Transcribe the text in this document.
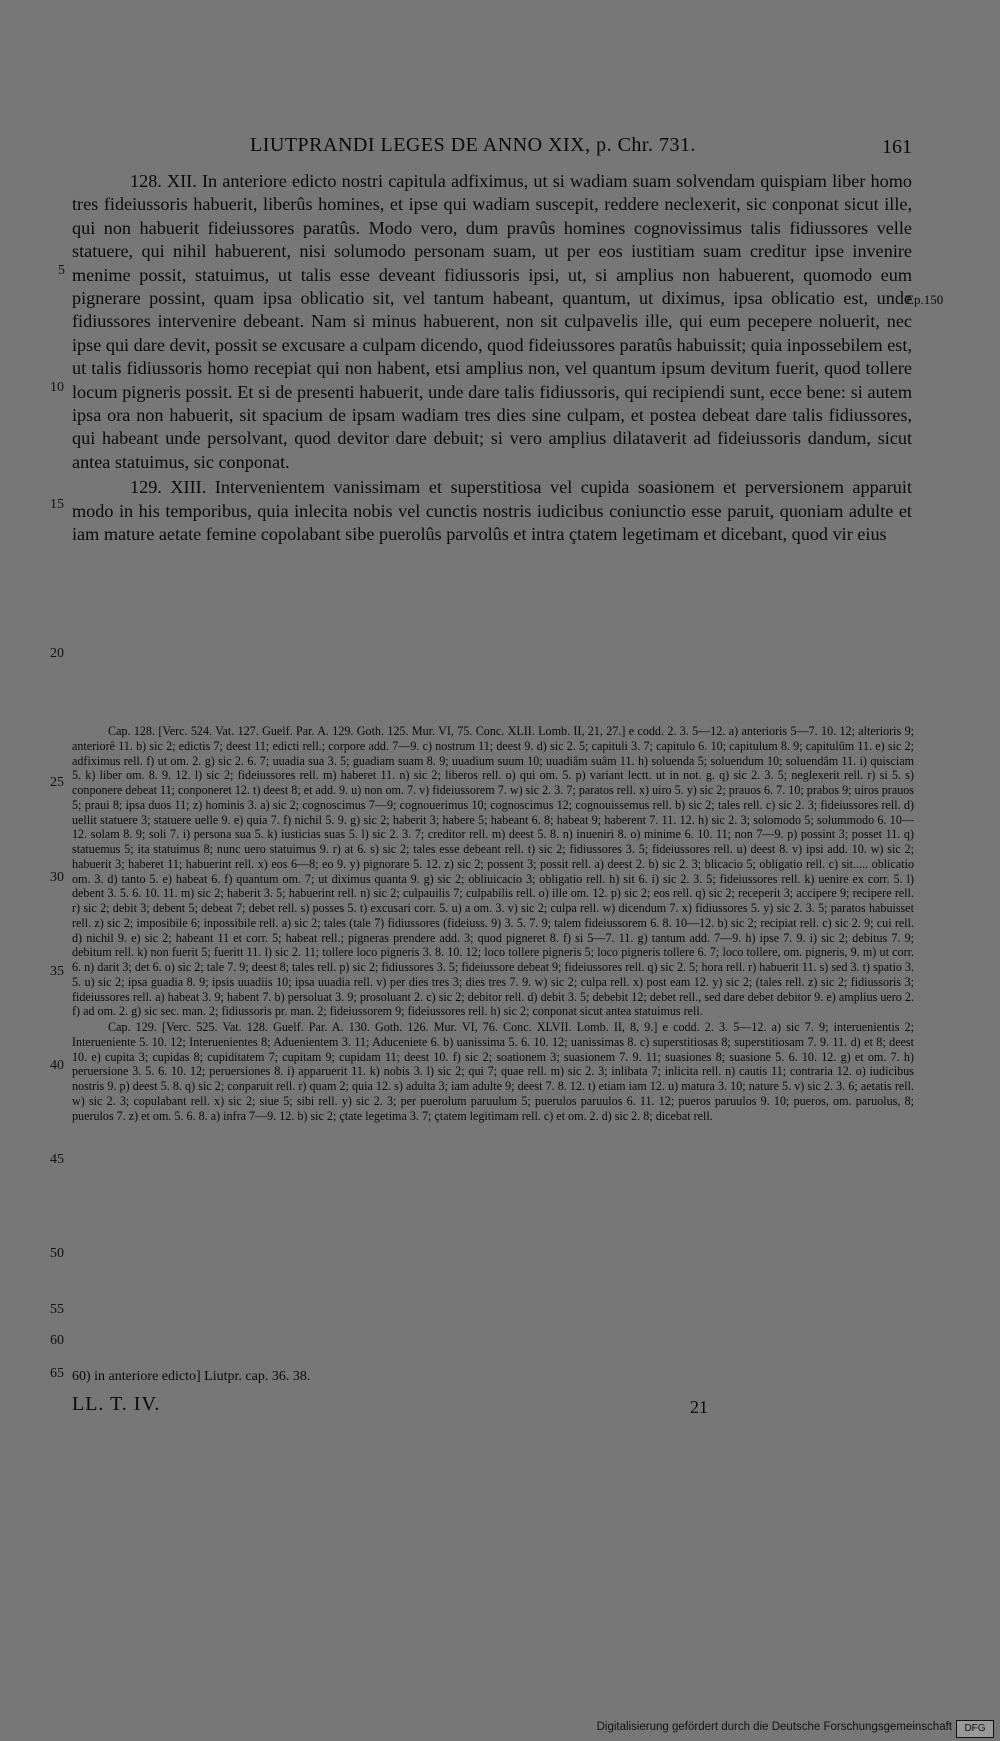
LIUTPRANDI LEGES DE ANNO XIX, p. Chr. 731.	161
Ep.150
5
10
15
20
25
30
35
40
45
50
55
60
65

128. XII. In anteriore edicto nostri capitula adfiximus, ut si wadiam suam solvendam quispiam liber homo tres fideiussoris habuerit, liberûs homines, et ipse qui wadiam suscepit, reddere neclexerit, sic conponat sicut ille, qui non habuerit fideiussores paratûs. Modo vero, dum pravûs homines cognovissimus talis fidiussores velle statuere, qui nihil habuerent, nisi solumodo personam suam, ut per eos iustitiam suam creditur ipse invenire menime possit, statuimus, ut talis esse deveant fidiussoris ipsi, ut, si amplius non habuerent, quomodo eum pignerare possint, quam ipsa oblicatio sit, vel tantum habeant, quantum, ut diximus, ipsa oblicatio est, unde fidiussores intervenire debeant. Nam si minus habuerent, non sit culpavelis ille, qui eum pecepere noluerit, nec ipse qui dare devit, possit se excusare a culpam dicendo, quod fideiussores paratûs habuissit; quia inpossebilem est, ut talis fidiussoris homo recepiat qui non habent, etsi amplius non, vel quantum ipsum devitum fuerit, quod tollere locum pigneris possit. Et si de presenti habuerit, unde dare talis fidiussoris, qui recipiendi sunt, ecce bene: si autem ipsa ora non habuerit, sit spacium de ipsam wadiam tres dies sine culpam, et postea debeat dare talis fidiussores, qui habeant unde persolvant, quod devitor dare debuit; si vero amplius dilataverit ad fideiussoris dandum, sicut antea statuimus, sic conponat.

129. XIII. Intervenientem vanissimam et superstitiosa vel cupida soasionem et perversionem apparuit modo in his temporibus, quia inlecita nobis vel cunctis nostris iudicibus coniunctio esse paruit, quoniam adulte et iam mature aetate femine copolabant sibe puerolûs parvolûs et intra çtatem legetimam et dicebant, quod vir eius

Cap. 128. [Verc. 524. Vat. 127. Guelf. Par. A. 129. Goth. 125. Mur. VI, 75. Conc. XLII. Lomb. II, 21, 27.] e codd. 2. 3. 5—12. a) anterioris 5—7. 10. 12; alterioris 9; anteriorê 11. b) sic 2; edictis 7; deest 11; edicti rell.; corpore add. 7—9. c) nostrum 11; deest 9. d) sic 2. 5; capituli 3. 7; capitulo 6. 10; capitulum 8. 9; capitulûm 11. e) sic 2; adfiximus rell. f) ut om. 2. g) sic 2. 6. 7; uuadia sua 3. 5; guadiam suam 8. 9; uuadium suum 10; uuadiâm suâm 11. h) soluenda 5; soluendum 10; soluendâm 11. i) quisciam 5. k) liber om. 8. 9. 12. l) sic 2; fideiussores rell. m) haberet 11. n) sic 2; liberos rell. o) qui om. 5. p) variant lectt. ut in not. g. q) sic 2. 3. 5; neglexerit rell. r) si 5. s) conponere debeat 11; conponeret 12. t) deest 8; et add. 9. u) non om. 7. v) fideiussorem 7. w) sic 2. 3. 7; paratos rell. x) uiro 5. y) sic 2; prauos 6. 7. 10; prabos 9; uiros prauos 5; praui 8; ipsa duos 11; z) hominis 3. a) sic 2; cognoscimus 7—9; cognouerimus 10; cognoscimus 12; cognouissemus rell. b) sic 2; tales rell. c) sic 2. 3; fideiussores rell. d) uellit statuere 3; statuere uelle 9. e) quia 7. f) nichil 5. 9. g) sic 2; haberit 3; habere 5; habeant 6. 8; habeat 9; haberent 7. 11. 12. h) sic 2. 3; solomodo 5; solummodo 6. 10—12. solam 8. 9; soli 7. i) persona sua 5. k) iusticias suas 5. l) sic 2. 3. 7; creditor rell. m) deest 5. 8. n) inueniri 8. o) minime 6. 10. 11; non 7—9. p) possint 3; posset 11. q) statuemus 5; ita statuimus 8; nunc uero statuimus 9. r) at 6. s) sic 2; tales esse debeant rell. t) sic 2; fidiussores 3. 5; fideiussores rell. u) deest 8. v) ipsi add. 10. w) sic 2; habuerit 3; haberet 11; habuerint rell. x) eos 6—8; eo 9. y) pignorare 5. 12. z) sic 2; possent 3; possit rell. a) deest 2. b) sic 2. 3; blicacio 5; obligatio rell. c) sit..... oblicatio om. 3. d) tanto 5. e) habeat 6. f) quantum om. 7; ut diximus quanta 9. g) sic 2; obliuicacio 3; obligatio rell. h) sit 6. i) sic 2. 3. 5; fideiussores rell. k) uenire ex corr. 5. l) debent 3. 5. 6. 10. 11. m) sic 2; haberit 3. 5; habuerint rell. n) sic 2; culpauilis 7; culpabilis rell. o) ille om. 12. p) sic 2; eos rell. q) sic 2; receperit 3; accipere 9; recipere rell. r) sic 2; debit 3; debent 5; debeat 7; debet rell. s) posses 5. t) excusari corr. 5. u) a om. 3. v) sic 2; culpa rell. w) dicendum 7. x) fidiussores 5. y) sic 2. 3. 5; paratos habuisset rell. z) sic 2; imposibile 6; inpossibile rell. a) sic 2; tales (tale 7) fidiussores (fideiuss. 9) 3. 5. 7. 9; talem fideiussorem 6. 8. 10—12. b) sic 2; recipiat rell. c) sic 2. 9; cui rell. d) nichil 9. e) sic 2; habeant 11 et corr. 5; habeat rell.; pigneras prendere add. 3; quod pigneret 8. f) si 5—7. 11. g) tantum add. 7—9. h) ipse 7. 9. i) sic 2; debitus 7. 9; debitum rell. k) non fuerit 5; fueritt 11. l) sic 2. 11; tollere loco pigneris 3. 8. 10. 12; loco tollere pigneris 5; loco pigneris tollere 6. 7; loco tollere, om. pigneris, 9. m) ut corr. 6. n) darit 3; det 6. o) sic 2; tale 7. 9; deest 8; tales rell. p) sic 2; fidiussores 3. 5; fideiussore debeat 9; fideiussores rell. q) sic 2. 5; hora rell. r) habuerit 11. s) sed 3. t) spatio 3. 5. u) sic 2; ipsa guadia 8. 9; ipsis uuadiis 10; ipsa uuadia rell. v) per dies tres 3; dies tres 7. 9. w) sic 2; culpa rell. x) post eam 12. y) sic 2; (tales rell. z) sic 2; fidiussoris 3; fideiussores rell. a) habeat 3. 9; habent 7. b) persoluat 3. 9; prosoluant 2. c) sic 2; debitor rell. d) debit 3. 5; debebit 12; debet rell., sed dare debet debitor 9. e) amplius uero 2. f) ad om. 2. g) sic sec. man. 2; fidiussoris pr. man. 2; fideiussorem 9; fideiussores rell. h) sic 2; conponat sicut antea statuimus rell.

Cap. 129. [Verc. 525. Vat. 128. Guelf. Par. A. 130. Goth. 126. Mur. VI, 76. Conc. XLVII. Lomb. II, 8, 9.] e codd. 2. 3. 5—12. a) sic 7. 9; interuenientis 2; Interueniente 5. 10. 12; Interuenientes 8; Aduenientem 3. 11; Aduceniete 6. b) uanissima 5. 6. 10. 12; uanissimas 8. c) superstitiosas 8; superstitiosam 7. 9. 11. d) et 8; deest 10. e) cupita 3; cupidas 8; cupiditatem 7; cupitam 9; cupidam 11; deest 10. f) sic 2; soationem 3; suasionem 7. 9. 11; suasiones 8; suasione 5. 6. 10. 12. g) et om. 7. h) peruersione 3. 5. 6. 10. 12; peruersiones 8. i) apparuerit 11. k) nobis 3. l) sic 2; qui 7; quae rell. m) sic 2. 3; inlibata 7; inlicita rell. n) cautis 11; contraria 12. o) iudicibus nostris 9. p) deest 5. 8. q) sic 2; conparuit rell. r) quam 2; quia 12. s) adulta 3; iam adulte 9; deest 7. 8. 12. t) etiam iam 12. u) matura 3. 10; nature 5. v) sic 2. 3. 6; aetatis rell. w) sic 2. 3; copulabant rell. x) sic 2; siue 5; sibi rell. y) sic 2. 3; per puerolum paruulum 5; puerulos paruulos 6. 11. 12; pueros paruulos 9. 10; pueros, om. paruolus, 8; puerulos 7. z) et om. 5. 6. 8. a) infra 7—9. 12. b) sic 2; çtate legetima 3. 7; çtatem legitimam rell. c) et om. 2. d) sic 2. 8; dicebat rell.

60) in anteriore edicto] Liutpr. cap. 36. 38.
LL. T. IV.	21
Digitalisierung gefördert durch die Deutsche Forschungsgemeinschaft	DFG
